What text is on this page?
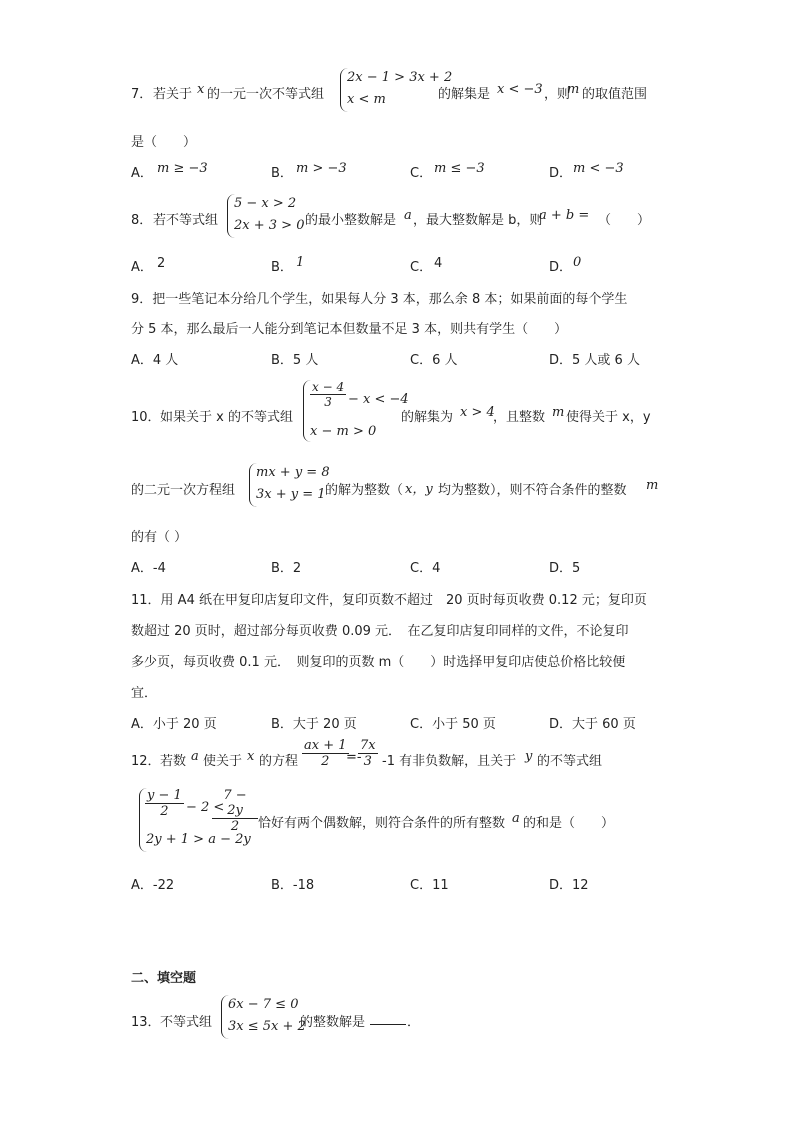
7． 若关于 x 的一元一次不等式组
2x − 1 > 3x + 2
x < m	的解集是 x < −3 ，则
m 的取值范围
是（　　）
A． m ≥ −3	B． m > −3	C． m ≤ −3	D． m < −3
8． 若不等式组
5 − x > 2
2x + 3 > 0 的最小整数解是 a ，最大整数解是 b，则
a + b = （　　）
A． 2	B． 1	C． 4	D． 0
9．把一些笔记本分给几个学生，如果每人分 3 本，那么余 8 本；如果前面的每个学生
分 5 本，那么最后一人能分到笔记本但数量不足 3 本，则共有学生（　　）
A．4 人	B．5 人	C．6 人	D．5 人或 6 人
10． 如果关于 x 的不等式组
$\frac{x - 4}{3} - x < -4$
x − m > 0
的解集为 x > 4
，且整数 m 使得关于 x，y
的二元一次方程组
mx + y = 8
3x + y = 1 的解为整数（ x，y 均为整数），则不符合条件的整数 m
的有（ ）
A．-4	B．2	C．4	D．5
11．用 A4 纸在甲复印店复印文件，复印页数不超过　20 页时每页收费 0.12 元；复印页
数超过 20 页时，超过部分每页收费 0.09 元．　在乙复印店复印同样的文件，不论复印
多少页，每页收费 0.1 元．　则复印的页数 m（　　）时选择甲复印店使总价格比较便
宜．
A．小于 20 页	B．大于 20 页	C．小于 50 页	D．大于 60 页
12． 若数 a 使关于 x 的方程 $\frac{ax + 1}{2}$
=-
$\frac{7x}{3} -1$ 有非负数解，且关于 y 的不等式组
$\frac{y - 1}{2} - 2$ <
$\frac{7 - 2y}{2}$
2y + 1 > a − 2y
恰好有两个偶数解，则符合条件的所有整数 a 的和是（　　）
A．-22	B．-18	C．11	D．12
二、填空题
13． 不等式组
6x − 7 ≤ 0
3x ≤ 5x + 2
的整数解是	．
